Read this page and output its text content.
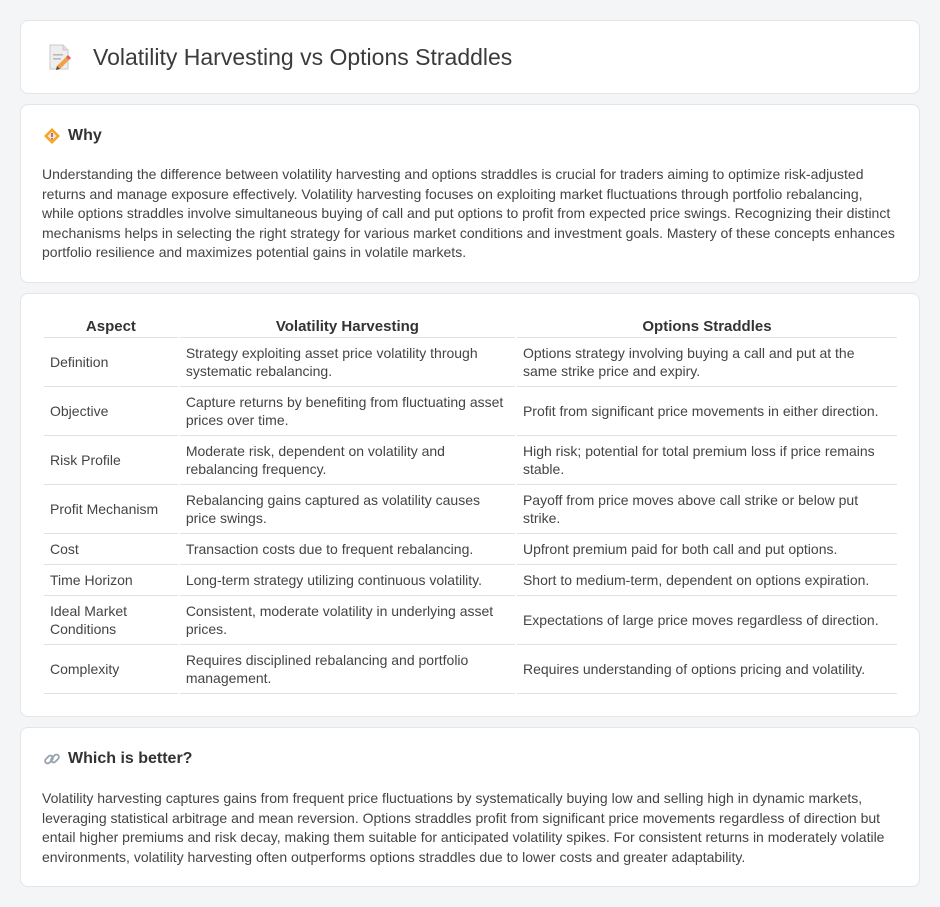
Volatility Harvesting vs Options Straddles
Why

Understanding the difference between volatility harvesting and options straddles is crucial for traders aiming to optimize risk-adjusted returns and manage exposure effectively. Volatility harvesting focuses on exploiting market fluctuations through portfolio rebalancing, while options straddles involve simultaneous buying of call and put options to profit from expected price swings. Recognizing their distinct mechanisms helps in selecting the right strategy for various market conditions and investment goals. Mastery of these concepts enhances portfolio resilience and maximizes potential gains in volatile markets.

Aspect	Volatility Harvesting	Options Straddles
Definition	Strategy exploiting asset price volatility through systematic rebalancing.	Options strategy involving buying a call and put at the same strike price and expiry.
Objective	Capture returns by benefiting from fluctuating asset prices over time.	Profit from significant price movements in either direction.
Risk Profile	Moderate risk, dependent on volatility and rebalancing frequency.	High risk; potential for total premium loss if price remains stable.
Profit Mechanism	Rebalancing gains captured as volatility causes price swings.	Payoff from price moves above call strike or below put strike.
Cost	Transaction costs due to frequent rebalancing.	Upfront premium paid for both call and put options.
Time Horizon	Long-term strategy utilizing continuous volatility.	Short to medium-term, dependent on options expiration.
Ideal Market Conditions	Consistent, moderate volatility in underlying asset prices.	Expectations of large price moves regardless of direction.
Complexity	Requires disciplined rebalancing and portfolio management.	Requires understanding of options pricing and volatility.
Which is better?

Volatility harvesting captures gains from frequent price fluctuations by systematically buying low and selling high in dynamic markets, leveraging statistical arbitrage and mean reversion. Options straddles profit from significant price movements regardless of direction but entail higher premiums and risk decay, making them suitable for anticipated volatility spikes. For consistent returns in moderately volatile environments, volatility harvesting often outperforms options straddles due to lower costs and greater adaptability.
